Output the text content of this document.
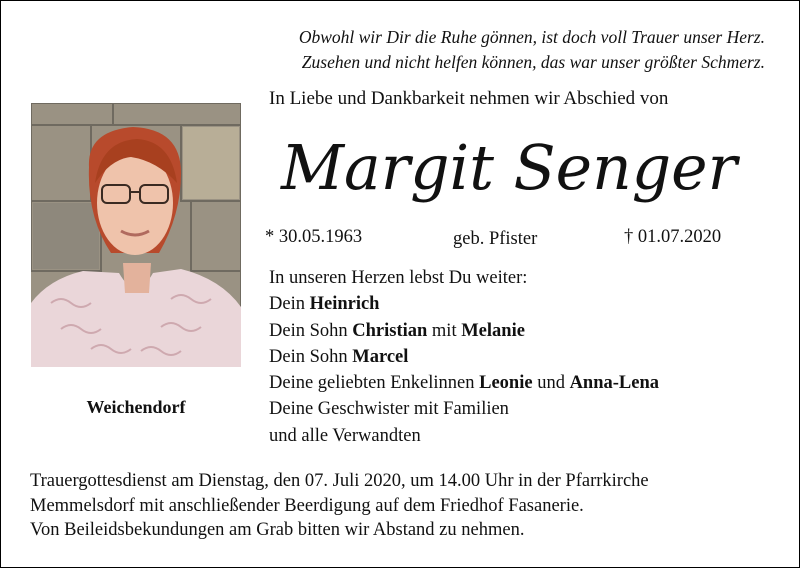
Obwohl wir Dir die Ruhe gönnen, ist doch voll Trauer unser Herz.
Zusehen und nicht helfen können, das war unser größter Schmerz.
In Liebe und Dankbarkeit nehmen wir Abschied von
Margit Senger
* 30.05.1963	geb. Pfister	† 01.07.2020
Weichendorf
In unseren Herzen lebst Du weiter:
Dein Heinrich
Dein Sohn Christian mit Melanie
Dein Sohn Marcel
Deine geliebten Enkelinnen Leonie und Anna-Lena
Deine Geschwister mit Familien
und alle Verwandten
Trauergottesdienst am Dienstag, den 07. Juli 2020, um 14.00 Uhr in der Pfarrkirche
Memmelsdorf mit anschließender Beerdigung auf dem Friedhof Fasanerie.
Von Beileidsbekundungen am Grab bitten wir Abstand zu nehmen.
